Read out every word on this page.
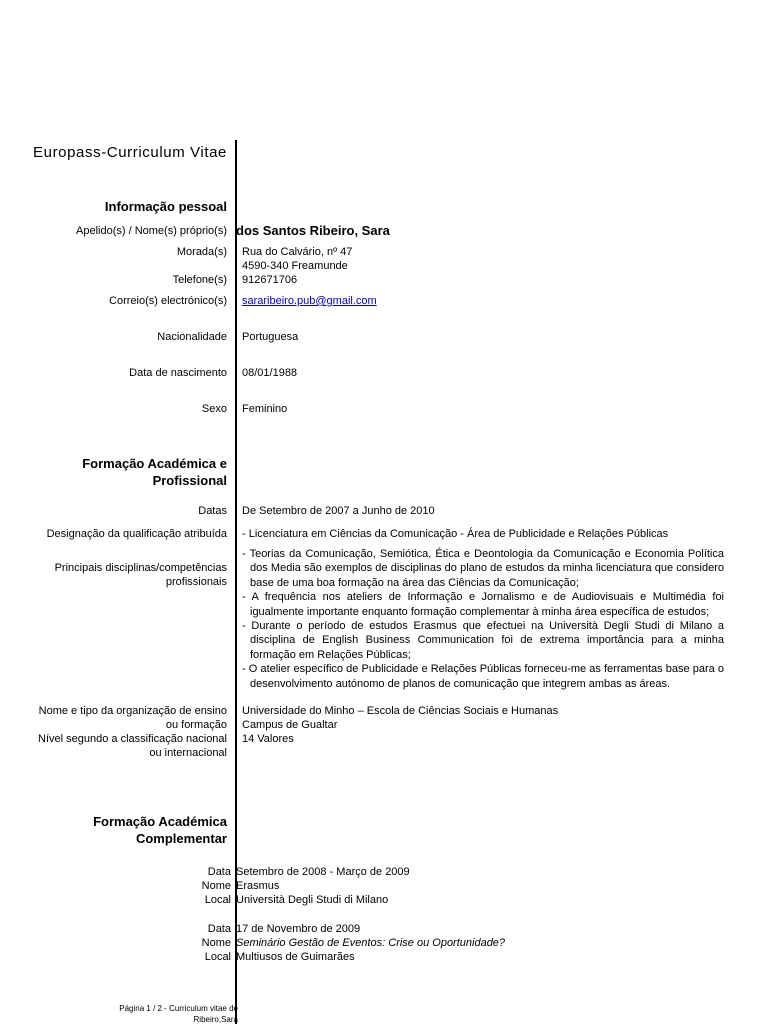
Europass-Curriculum Vitae
Informação pessoal
Apelido(s) / Nome(s) próprio(s) dos Santos Ribeiro, Sara
Morada(s) Rua do Calvário, nº 47
4590-340 Freamunde
Telefone(s) 912671706
Correio(s) electrónico(s) sararibeiro.pub@gmail.com
Nacionalidade Portuguesa
Data de nascimento 08/01/1988
Sexo Feminino
Formação Académica e
Profissional
Datas De Setembro de 2007 a Junho de 2010
Designação da qualificação atribuída - Licenciatura em Ciências da Comunicação - Área de Publicidade e Relações Públicas
Principais disciplinas/competências
profissionais
- Teorias da Comunicação, Semiótica, Ética e Deontologia da Comunicação e Economia Política dos Media são exemplos de disciplinas do plano de estudos da minha licenciatura que considero base de uma boa formação na área das Ciências da Comunicação;
- A frequência nos ateliers de Informação e Jornalismo e de Audiovisuais e Multimédia foi igualmente importante enquanto formação complementar à minha área específica de estudos;
- Durante o período de estudos Erasmus que efectuei na Università Degli Studi di Milano a disciplina de English Business Communication foi de extrema importância para a minha formação em Relações Públicas;
- O atelier específico de Publicidade e Relações Públicas forneceu-me as ferramentas base para o desenvolvimento autónomo de planos de comunicação que integrem ambas as áreas.
Nome e tipo da organização de ensino
ou formação
Universidade do Minho – Escola de Ciências Sociais e Humanas
Campus de Gualtar
Nível segundo a classificação nacional
ou internacional
14 Valores
Formação Académica
Complementar
Data Setembro de 2008 - Março de 2009
Nome Erasmus
Local Università Degli Studi di Milano
Data 17 de Novembro de 2009
Nome Seminário Gestão de Eventos: Crise ou Oportunidade?
Local Multiusos de Guimarães
Página 1 / 2 - Curriculum vitae de
Ribeiro,Sara
